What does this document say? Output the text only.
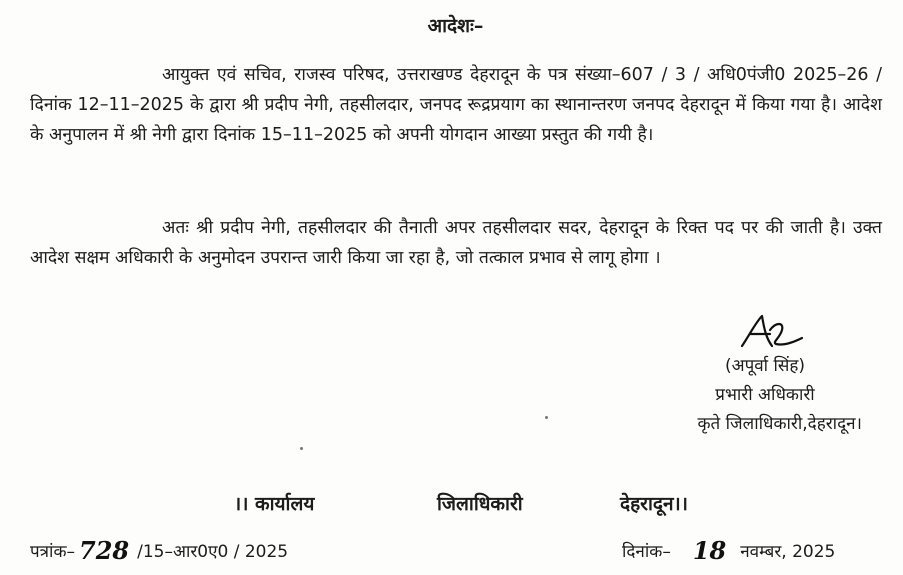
आदेशः–

आयुक्त एवं सचिव, राजस्व परिषद, उत्तराखण्ड देहरादून के पत्र संख्या–607 / 3 / अधि0पंजी0 2025–26 / दिनांक 12–11–2025 के द्वारा श्री प्रदीप नेगी, तहसीलदार, जनपद रूद्रप्रयाग का स्थानान्तरण जनपद देहरादून में किया गया है। आदेश के अनुपालन में श्री नेगी द्वारा दिनांक 15–11–2025 को अपनी योगदान आख्या प्रस्तुत की गयी है।

अतः श्री प्रदीप नेगी, तहसीलदार की तैनाती अपर तहसीलदार सदर, देहरादून के रिक्त पद पर की जाती है। उक्त आदेश सक्षम अधिकारी के अनुमोदन उपरान्त जारी किया जा रहा है, जो तत्काल प्रभाव से लागू होगा ।

(अपूर्वा सिंह)
प्रभारी अधिकारी
कृते जिलाधिकारी,देहरादून।
।। कार्यालय	जिलाधिकारी	देहरादून।।
पत्रांक– 728 /15–आर0ए0 / 2025	दिनांक– 18 नवम्बर, 2025
